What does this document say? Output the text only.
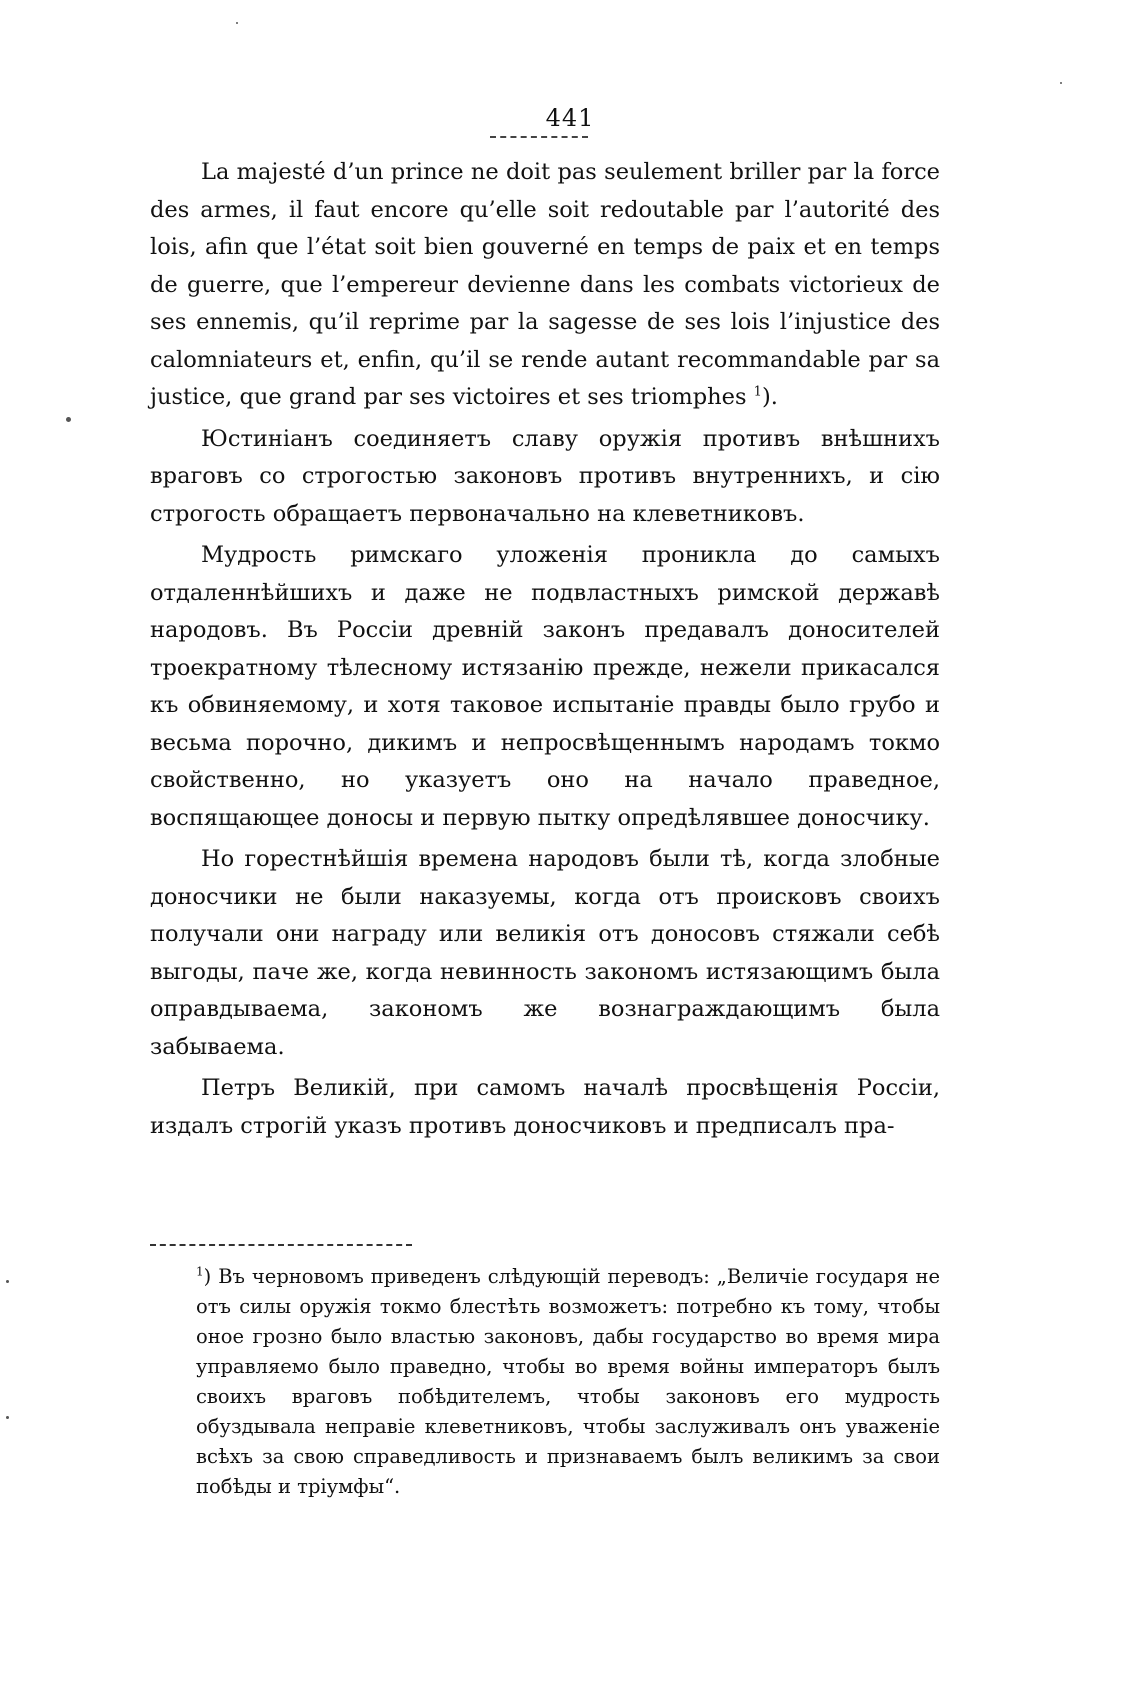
441

La majesté d’un prince ne doit pas seulement briller par la force des armes, il faut encore qu’elle soit redoutable par l’autorité des lois, afin que l’état soit bien gouverné en temps de paix et en temps de guerre, que l’empereur devienne dans les combats victorieux de ses ennemis, qu’il reprime par la sagesse de ses lois l’injustice des calomniateurs et, enfin, qu’il se rende autant recommandable par sa justice, que grand par ses victoires et ses triomphes $^1$).

Юстиніанъ соединяетъ славу оружія противъ внѣшнихъ враговъ со строгостью законовъ противъ внутреннихъ, и сію строгость обращаетъ первоначально на клеветниковъ.

Мудрость римскаго уложенія проникла до самыхъ отдаленнѣйшихъ и даже не подвластныхъ римской державѣ народовъ. Въ Россіи древній законъ предавалъ доносителей троекратному тѣлесному истязанію прежде, нежели прикасался къ обвиняемому, и хотя таковое испытаніе правды было грубо и весьма порочно, дикимъ и непросвѣщеннымъ народамъ токмо свойственно, но указуетъ оно на начало праведное, воспящающее доносы и первую пытку опредѣлявшее доносчику.

Но горестнѣйшія времена народовъ были тѣ, когда злобные доносчики не были наказуемы, когда отъ происковъ своихъ получали они награду или великія отъ доносовъ стяжали себѣ выгоды, паче же, когда невинность закономъ истязающимъ была оправдываема, закономъ же вознаграждающимъ была забываема.

Петръ Великій, при самомъ началѣ просвѣщенія Россіи, издалъ строгій указъ противъ доносчиковъ и предписалъ пра-

$^1$) Въ черновомъ приведенъ слѣдующій переводъ: „Величіе государя не отъ силы оружія токмо блестѣть возможетъ: потребно къ тому, чтобы оное грозно было властью законовъ, дабы государство во время мира управляемо было праведно, чтобы во время войны императоръ былъ своихъ враговъ побѣдителемъ, чтобы законовъ его мудрость обуздывала неправіе клеветниковъ, чтобы заслуживалъ онъ уваженіе всѣхъ за свою справедливость и признаваемъ былъ великимъ за свои побѣды и тріумфы“.
